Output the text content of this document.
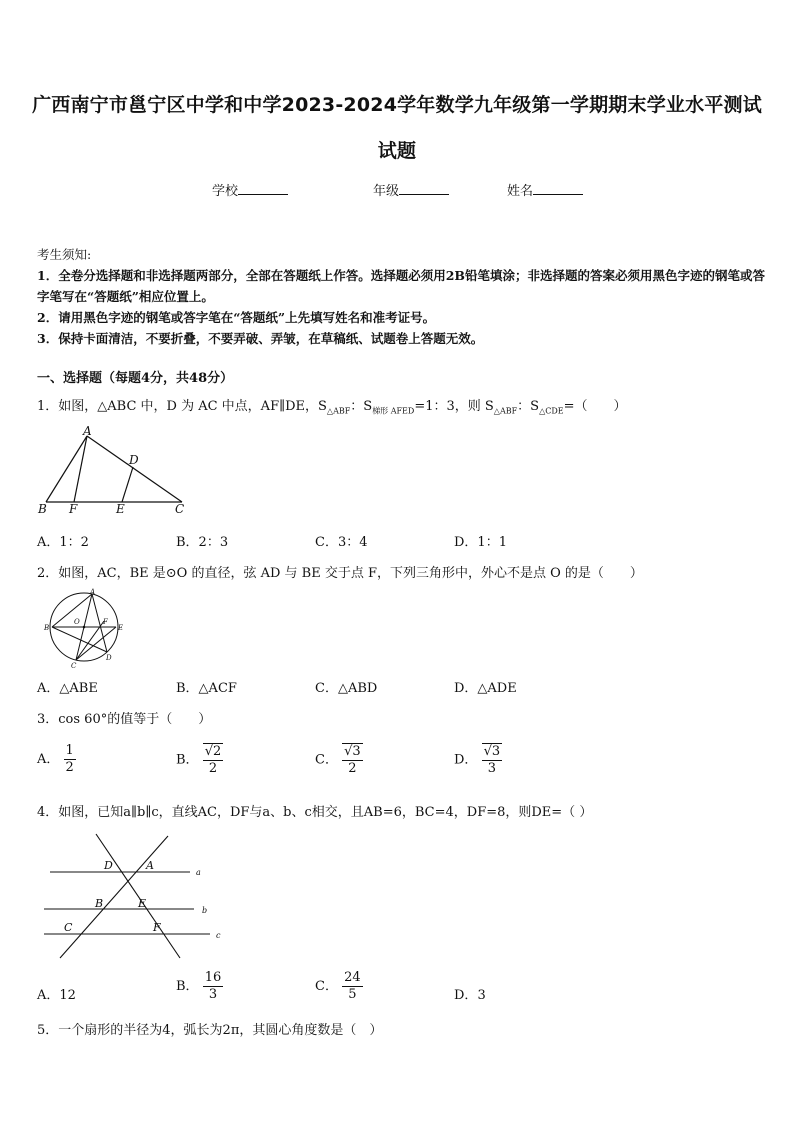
广西南宁市邕宁区中学和中学2023-2024学年数学九年级第一学期期末学业水平测试
试题
学校	年级	姓名
考生须知:
1．全卷分选择题和非选择题两部分，全部在答题纸上作答。选择题必须用2B铅笔填涂；非选择题的答案必须用黑色字迹的钢笔或答字笔写在“答题纸”相应位置上。
2．请用黑色字迹的钢笔或答字笔在“答题纸”上先填写姓名和准考证号。
3．保持卡面清洁，不要折叠，不要弄破、弄皱，在草稿纸、试题卷上答题无效。
一、选择题（每题4分，共48分）
1．如图，△ABC 中，D 为 AC 中点，AF∥DE，$S_{\triangle ABF}$：$S_{梯形 AFED}=1$：3，则 $S_{\triangle ABF}$：$S_{\triangle CDE}=$（　　）
A
D
B F	E	C
A．1：2	B．2：3	C．3：4	D．1：1
2．如图，AC，BE 是⊙O 的直径，弦 AD 与 BE 交于点 F，下列三角形中，外心不是点 O 的是（　　）
A
B
O	F
E
C
D
A．△ABE	B．△ACF	C．△ABD	D．△ADE
3．cos 60°的值等于（　　）
A． $\frac{1}{2}$	B． $\frac{√2}{2}$	C． $\frac{√3}{2}$	D． $\frac{√3}{3}$
4．如图，已知a∥b∥c，直线AC，DF与a、b、c相交，且AB=6，BC=4，DF=8，则DE=（ ）
D	A
a
B	E
b
C	F
c
A．12
B． $\frac{16}{3}$	C． $\frac{24}{5}$	D．3
5．一个扇形的半径为4，弧长为2π，其圆心角度数是（　）
